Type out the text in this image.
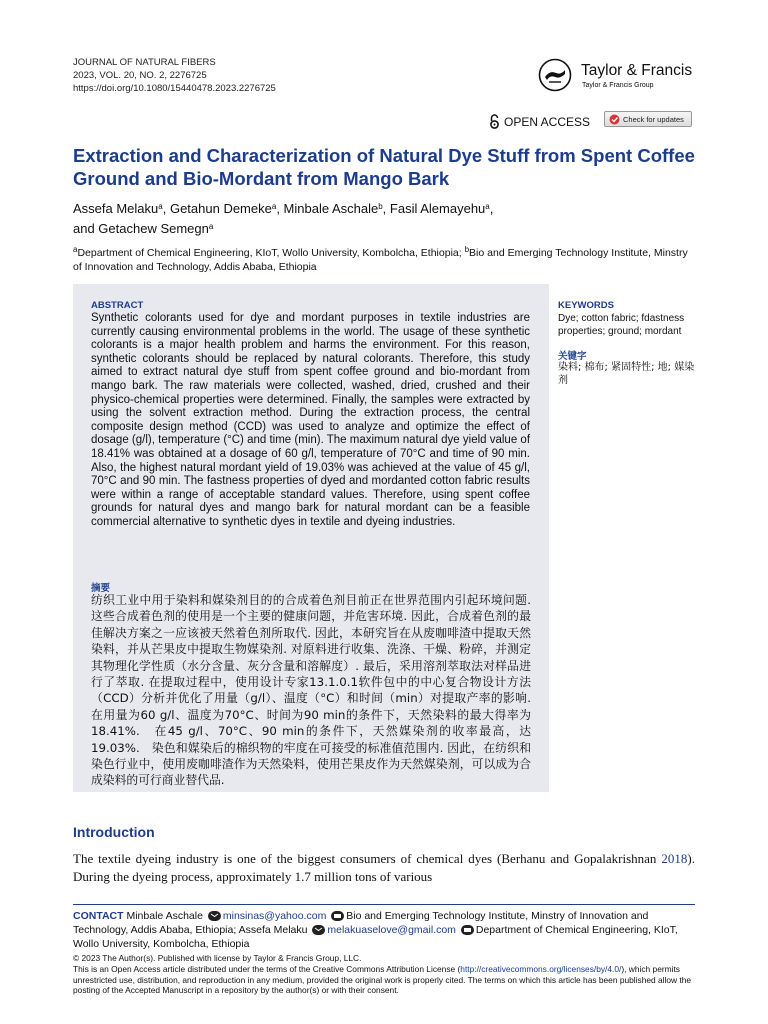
JOURNAL OF NATURAL FIBERS
2023, VOL. 20, NO. 2, 2276725
https://doi.org/10.1080/15440478.2023.2276725
Taylor & Francis
Taylor & Francis Group
OPEN ACCESS	Check for updates
Extraction and Characterization of Natural Dye Stuff from Spent Coffee Ground and Bio-Mordant from Mango Bark
Assefa Melaku$^a$, Getahun Demeke$^a$, Minbale Aschale$^b$, Fasil Alemayehu$^a$,
and Getachew Semegn$^a$
$^a$Department of Chemical Engineering, KIoT, Wollo University, Kombolcha, Ethiopia; $^b$Bio and Emerging Technology Institute, Minstry of Innovation and Technology, Addis Ababa, Ethiopia
ABSTRACT
Synthetic colorants used for dye and mordant purposes in textile industries are currently causing environmental problems in the world. The usage of these synthetic colorants is a major health problem and harms the environment. For this reason, synthetic colorants should be replaced by natural colorants. Therefore, this study aimed to extract natural dye stuff from spent coffee ground and bio-mordant from mango bark. The raw materials were collected, washed, dried, crushed and their physico-chemical properties were determined. Finally, the samples were extracted by using the solvent extraction method. During the extraction process, the central composite design method (CCD) was used to analyze and optimize the effect of dosage (g/l), temperature (°C) and time (min). The maximum natural dye yield value of 18.41% was obtained at a dosage of 60 g/l, temperature of 70°C and time of 90 min. Also, the highest natural mordant yield of 19.03% was achieved at the value of 45 g/l, 70°C and 90 min. The fastness properties of dyed and mordanted cotton fabric results were within a range of acceptable standard values. Therefore, using spent coffee grounds for natural dyes and mango bark for natural mordant can be a feasible commercial alternative to synthetic dyes in textile and dyeing industries.
摘要
纺织工业中用于染料和媒染剂目的的合成着色剂目前正在世界范围内引起环境问题. 这些合成着色剂的使用是一个主要的健康问题，并危害环境. 因此，合成着色剂的最佳解决方案之一应该被天然着色剂所取代. 因此，本研究旨在从废咖啡渣中提取天然染料，并从芒果皮中提取生物媒染剂. 对原料进行收集、洗涤、干燥、粉碎，并测定其物理化学性质（水分含量、灰分含量和溶解度）. 最后，采用溶剂萃取法对样品进行了萃取. 在提取过程中，使用设计专家13.1.0.1软件包中的中心复合物设计方法（CCD）分析并优化了用量（g/l）、温度（°C）和时间（min）对提取产率的影响. 在用量为60 g/l、温度为70°C、时间为90 min的条件下，天然染料的最大得率为18.41%.　在45 g/l、70°C、90 min的条件下，天然媒染剂的收率最高，达19.03%.　染色和媒染后的棉织物的牢度在可接受的标准值范围内. 因此，在纺织和染色行业中，使用废咖啡渣作为天然染料，使用芒果皮作为天然媒染剂，可以成为合成染料的可行商业替代品.
KEYWORDS
Dye; cotton fabric; fdastness properties; ground; mordant
关键字
染料; 棉布; 紧固特性; 地; 媒染剂
Introduction
The textile dyeing industry is one of the biggest consumers of chemical dyes (Berhanu and Gopalakrishnan 2018). During the dyeing process, approximately 1.7 million tons of various
CONTACT Minbale Aschale minsinas@yahoo.com Bio and Emerging Technology Institute, Minstry of Innovation and Technology, Addis Ababa, Ethiopia; Assefa Melaku melakuaselove@gmail.com Department of Chemical Engineering, KIoT, Wollo University, Kombolcha, Ethiopia
© 2023 The Author(s). Published with license by Taylor & Francis Group, LLC.
This is an Open Access article distributed under the terms of the Creative Commons Attribution License (http://creativecommons.org/licenses/by/4.0/), which permits unrestricted use, distribution, and reproduction in any medium, provided the original work is properly cited. The terms on which this article has been published allow the posting of the Accepted Manuscript in a repository by the author(s) or with their consent.
